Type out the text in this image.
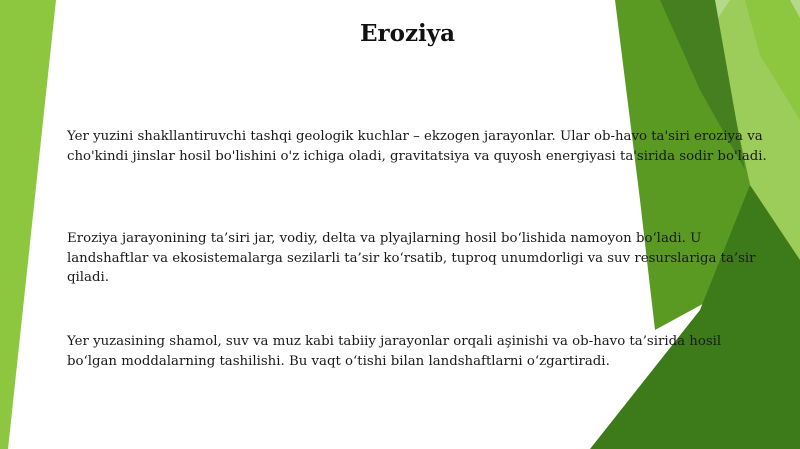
Eroziya

Yer yuzini shakllantiruvchi tashqi geologik kuchlar – ekzogen jarayonlar. Ular ob-havo ta'siri eroziya va cho'kindi jinslar hosil bo'lishini o'z ichiga oladi, gravitatsiya va quyosh energiyasi ta'sirida sodir bo'ladi.

Eroziya jarayonining ta’siri jar, vodiy, delta va plyajlarning hosil bo‘lishida namoyon bo‘ladi. U landshaftlar va ekosistemalarga sezilarli ta’sir ko‘rsatib, tuproq unumdorligi va suv resurslariga ta’sir qiladi.

Yer yuzasining shamol, suv va muz kabi tabiiy jarayonlar orqali aşinishi va ob-havo ta’sirida hosil bo‘lgan moddalarning tashilishi. Bu vaqt o‘tishi bilan landshaftlarni o‘zgartiradi.
